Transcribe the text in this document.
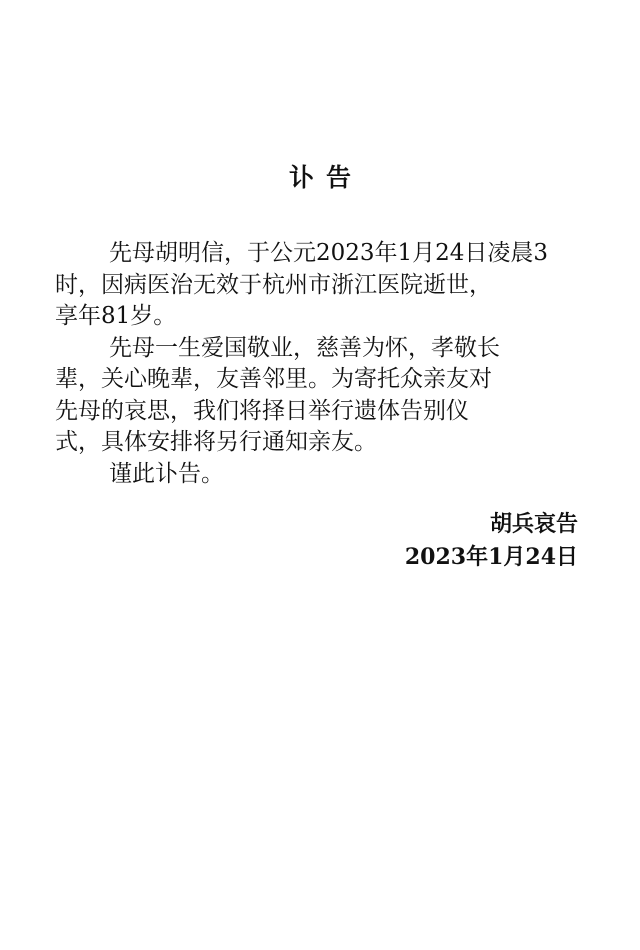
讣告

先母胡明信，于公元2023年1月24日凌晨3
时，因病医治无效于杭州市浙江医院逝世，
享年81岁。

先母一生爱国敬业，慈善为怀，孝敬长
辈，关心晚辈，友善邻里。为寄托众亲友对
先母的哀思，我们将择日举行遗体告别仪
式，具体安排将另行通知亲友。

谨此讣告。

胡兵哀告
2023年1月24日
